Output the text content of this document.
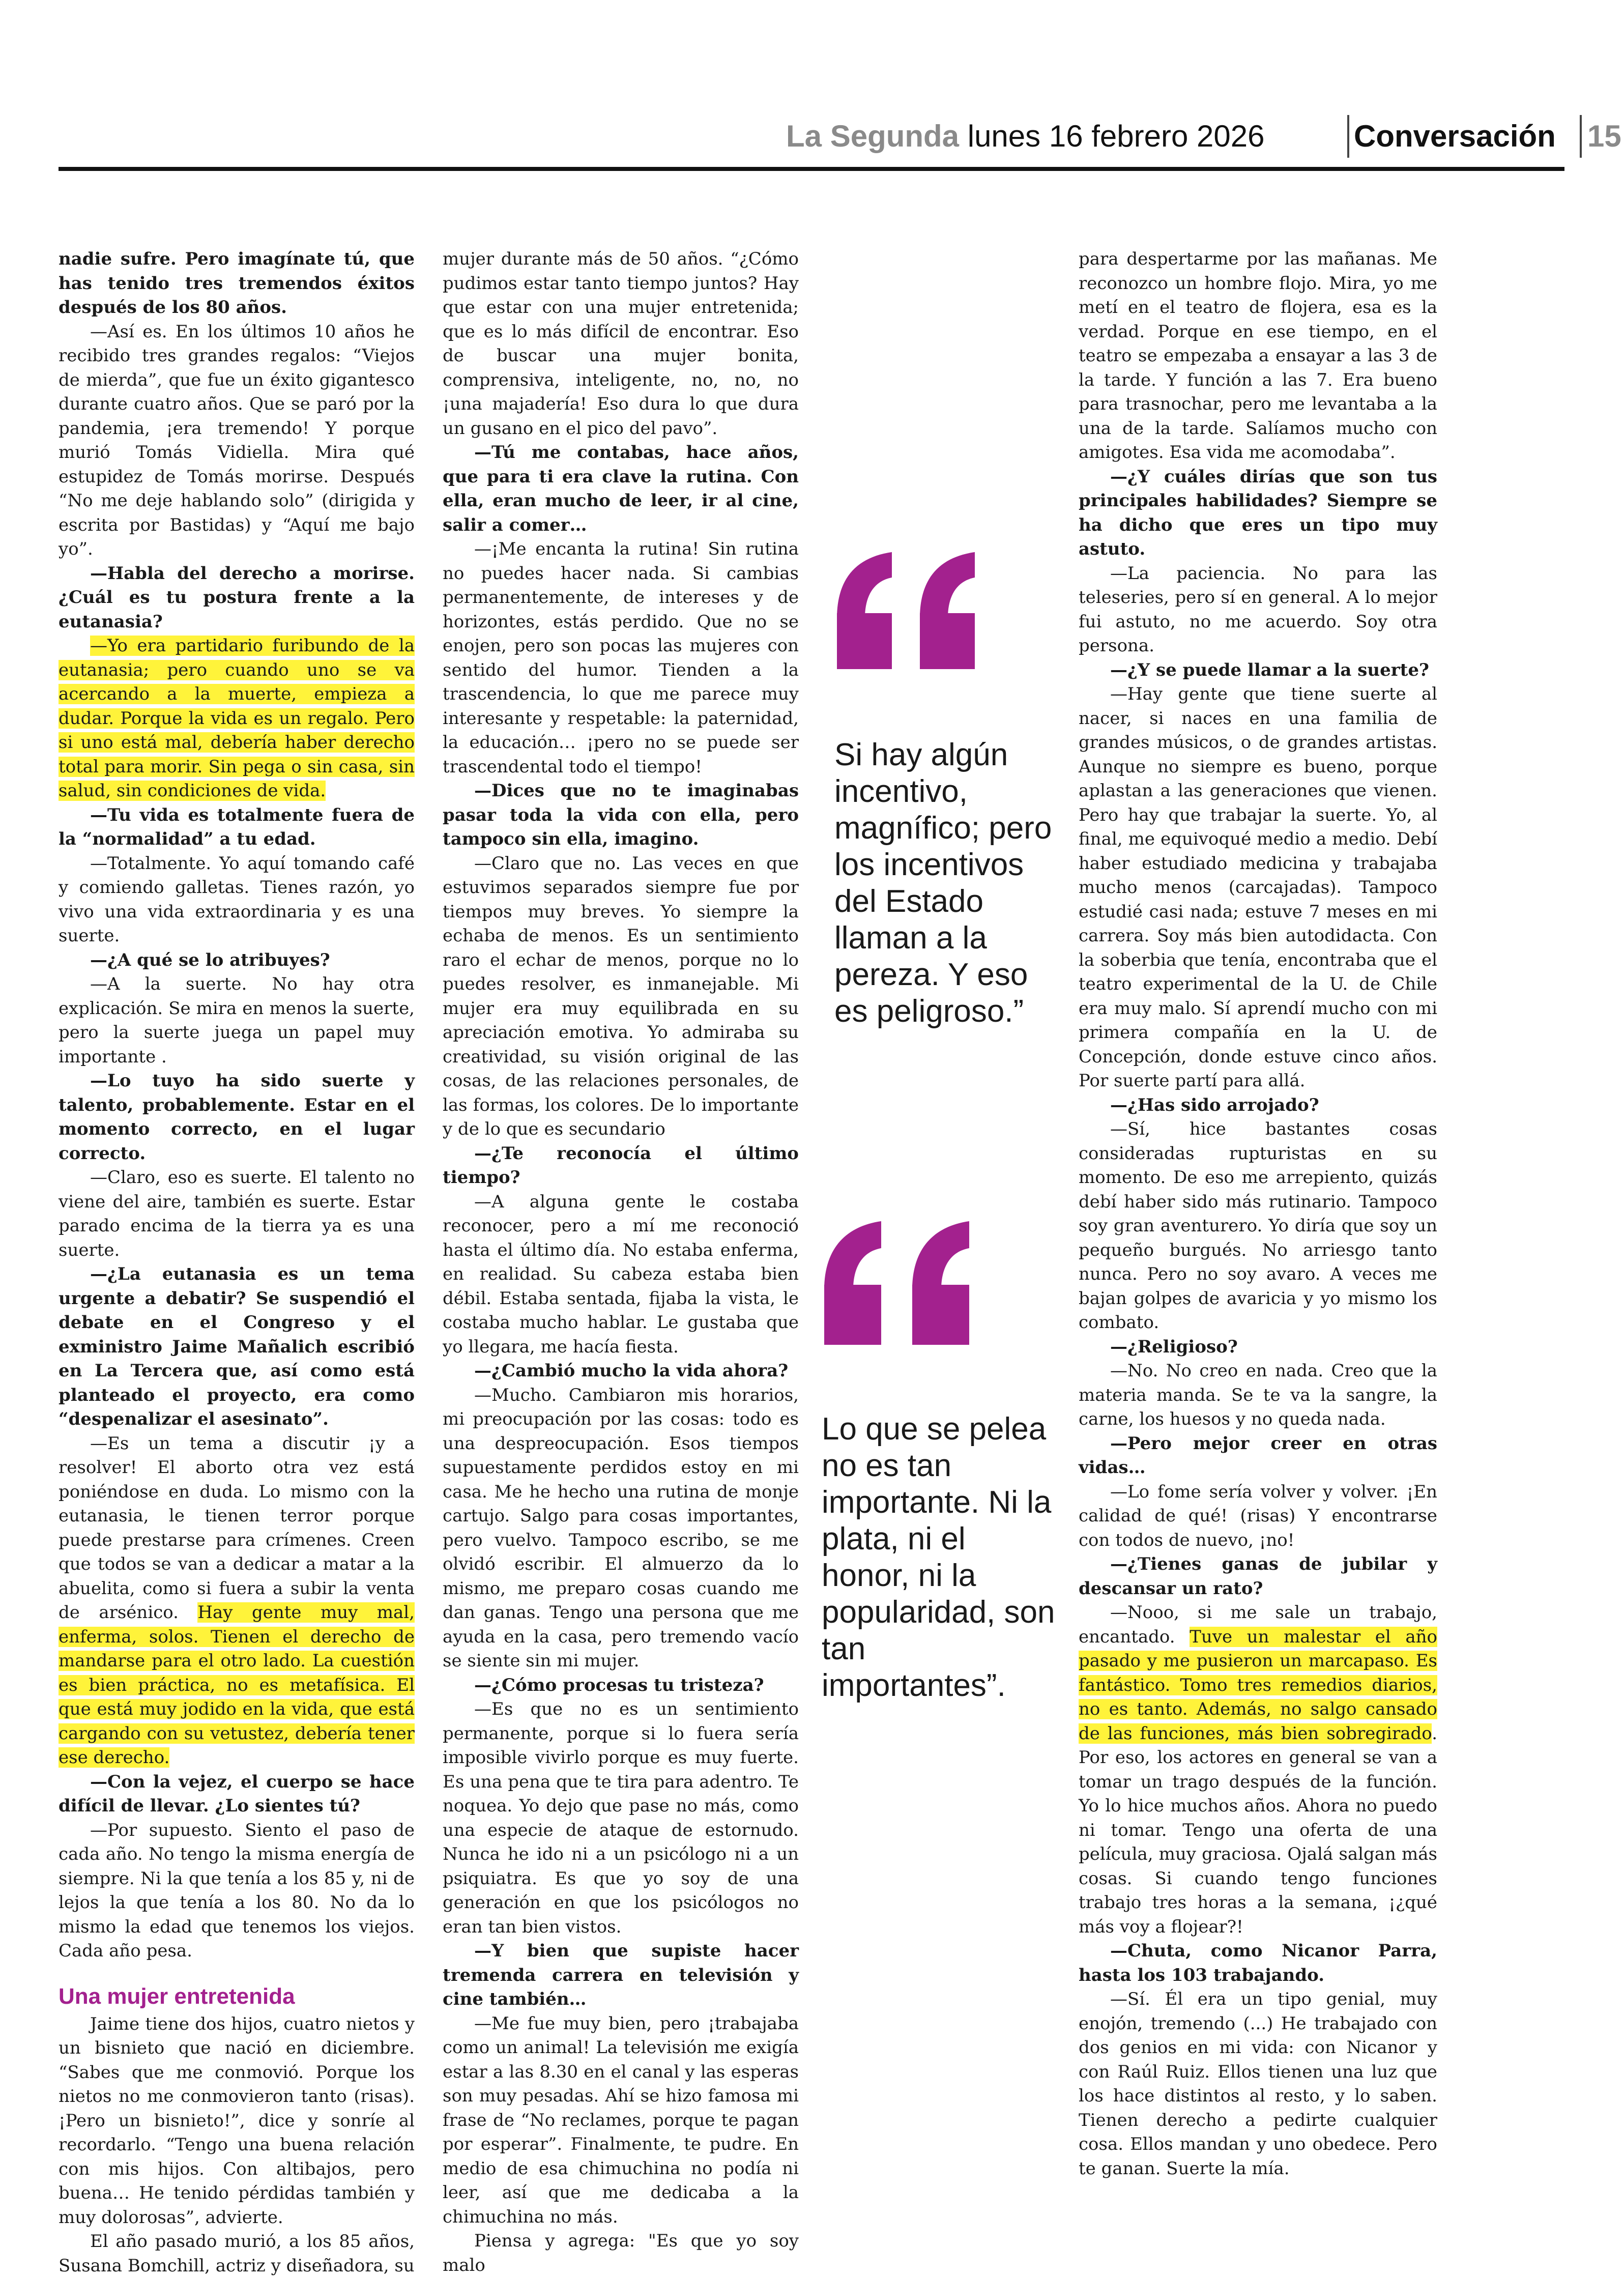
La Segunda lunes 16 febrero 2026	Conversación 15

nadie sufre. Pero imagínate tú, que has tenido tres tremendos éxitos después de los 80 años.

—Así es. En los últimos 10 años he recibido tres grandes regalos: “Viejos de mierda”, que fue un éxito gigantesco durante cuatro años. Que se paró por la pandemia, ¡era tremendo! Y porque murió Tomás Vidiella. Mira qué estupidez de Tomás morirse. Después “No me deje hablando solo” (dirigida y escrita por Bastidas) y “Aquí me bajo yo”.

—Habla del derecho a morirse. ¿Cuál es tu postura frente a la eutanasia?

—Yo era partidario furibundo de la eutanasia; pero cuando uno se va acercando a la muerte, empieza a dudar. Porque la vida es un regalo. Pero si uno está mal, debería haber derecho total para morir. Sin pega o sin casa, sin salud, sin condiciones de vida.

—Tu vida es totalmente fuera de la “normalidad” a tu edad.

—Totalmente. Yo aquí tomando café y comiendo galletas. Tienes razón, yo vivo una vida extraordinaria y es una suerte.

—¿A qué se lo atribuyes?

—A la suerte. No hay otra explicación. Se mira en menos la suerte, pero la suerte juega un papel muy importante .

—Lo tuyo ha sido suerte y talento, probablemente. Estar en el momento correcto, en el lugar correcto.

—Claro, eso es suerte. El talento no viene del aire, también es suerte. Estar parado encima de la tierra ya es una suerte.

—¿La eutanasia es un tema urgente a debatir? Se suspendió el debate en el Congreso y el exministro Jaime Mañalich escribió en La Tercera que, así como está planteado el proyecto, era como “despenalizar el asesinato”.

—Es un tema a discutir ¡y a resolver! El aborto otra vez está poniéndose en duda. Lo mismo con la eutanasia, le tienen terror porque puede prestarse para crímenes. Creen que todos se van a dedicar a matar a la abuelita, como si fuera a subir la venta de arsénico. Hay gente muy mal, enferma, solos. Tienen el derecho de mandarse para el otro lado. La cuestión es bien práctica, no es metafísica. El que está muy jodido en la vida, que está cargando con su vetustez, debería tener ese derecho.

—Con la vejez, el cuerpo se hace difícil de llevar. ¿Lo sientes tú?

—Por supuesto. Siento el paso de cada año. No tengo la misma energía de siempre. Ni la que tenía a los 85 y, ni de lejos la que tenía a los 80. No da lo mismo la edad que tenemos los viejos. Cada año pesa.

Una mujer entretenida

Jaime tiene dos hijos, cuatro nietos y un bisnieto que nació en diciembre. “Sabes que me conmovió. Porque los nietos no me conmovieron tanto (risas). ¡Pero un bisnieto!”, dice y sonríe al recordarlo. “Tengo una buena relación con mis hijos. Con altibajos, pero buena… He tenido pérdidas también y muy dolorosas”, advierte.

El año pasado murió, a los 85 años, Susana Bomchill, actriz y diseñadora, su

mujer durante más de 50 años. “¿Cómo pudimos estar tanto tiempo juntos? Hay que estar con una mujer entretenida; que es lo más difícil de encontrar. Eso de buscar una mujer bonita, comprensiva, inteligente, no, no, no ¡una majadería! Eso dura lo que dura un gusano en el pico del pavo”.

—Tú me contabas, hace años, que para ti era clave la rutina. Con ella, eran mucho de leer, ir al cine, salir a comer…

—¡Me encanta la rutina! Sin rutina no puedes hacer nada. Si cambias permanentemente, de intereses y de horizontes, estás perdido. Que no se enojen, pero son pocas las mujeres con sentido del humor. Tienden a la trascendencia, lo que me parece muy interesante y respetable: la paternidad, la educación… ¡pero no se puede ser trascendental todo el tiempo!

—Dices que no te imaginabas pasar toda la vida con ella, pero tampoco sin ella, imagino.

—Claro que no. Las veces en que estuvimos separados siempre fue por tiempos muy breves. Yo siempre la echaba de menos. Es un sentimiento raro el echar de menos, porque no lo puedes resolver, es inmanejable. Mi mujer era muy equilibrada en su apreciación emotiva. Yo admiraba su creatividad, su visión original de las cosas, de las relaciones personales, de las formas, los colores. De lo importante y de lo que es secundario

—¿Te reconocía el último tiempo?

—A alguna gente le costaba reconocer, pero a mí me reconoció hasta el último día. No estaba enferma, en realidad. Su cabeza estaba bien débil. Estaba sentada, fijaba la vista, le costaba mucho hablar. Le gustaba que yo llegara, me hacía fiesta.

—¿Cambió mucho la vida ahora?

—Mucho. Cambiaron mis horarios, mi preocupación por las cosas: todo es una despreocupación. Esos tiempos supuestamente perdidos estoy en mi casa. Me he hecho una rutina de monje cartujo. Salgo para cosas importantes, pero vuelvo. Tampoco escribo, se me olvidó escribir. El almuerzo da lo mismo, me preparo cosas cuando me dan ganas. Tengo una persona que me ayuda en la casa, pero tremendo vacío se siente sin mi mujer.

—¿Cómo procesas tu tristeza?

—Es que no es un sentimiento permanente, porque si lo fuera sería imposible vivirlo porque es muy fuerte. Es una pena que te tira para adentro. Te noquea. Yo dejo que pase no más, como una especie de ataque de estornudo. Nunca he ido ni a un psicólogo ni a un psiquiatra. Es que yo soy de una generación en que los psicólogos no eran tan bien vistos.

—Y bien que supiste hacer tremenda carrera en televisión y cine también…

—Me fue muy bien, pero ¡trabajaba como un animal! La televisión me exigía estar a las 8.30 en el canal y las esperas son muy pesadas. Ahí se hizo famosa mi frase de “No reclames, porque te pagan por esperar”. Finalmente, te pudre. En medio de esa chimuchina no podía ni leer, así que me dedicaba a la chimuchina no más.

Piensa y agrega: "Es que yo soy malo

Si hay algún incentivo, magnífico; pero los incentivos del Estado llaman a la pereza. Y eso es peligroso.”

Lo que se pelea no es tan importante. Ni la plata, ni el honor, ni la popularidad, son tan importantes”.

para despertarme por las mañanas. Me reconozco un hombre flojo. Mira, yo me metí en el teatro de flojera, esa es la verdad. Porque en ese tiempo, en el teatro se empezaba a ensayar a las 3 de la tarde. Y función a las 7. Era bueno para trasnochar, pero me levantaba a la una de la tarde. Salíamos mucho con amigotes. Esa vida me acomodaba”.

—¿Y cuáles dirías que son tus principales habilidades? Siempre se ha dicho que eres un tipo muy astuto.

—La paciencia. No para las teleseries, pero sí en general. A lo mejor fui astuto, no me acuerdo. Soy otra persona.

—¿Y se puede llamar a la suerte?

—Hay gente que tiene suerte al nacer, si naces en una familia de grandes músicos, o de grandes artistas. Aunque no siempre es bueno, porque aplastan a las generaciones que vienen. Pero hay que trabajar la suerte. Yo, al final, me equivoqué medio a medio. Debí haber estudiado medicina y trabajaba mucho menos (carcajadas). Tampoco estudié casi nada; estuve 7 meses en mi carrera. Soy más bien autodidacta. Con la soberbia que tenía, encontraba que el teatro experimental de la U. de Chile era muy malo. Sí aprendí mucho con mi primera compañía en la U. de Concepción, donde estuve cinco años. Por suerte partí para allá.

—¿Has sido arrojado?

—Sí, hice bastantes cosas consideradas rupturistas en su momento. De eso me arrepiento, quizás debí haber sido más rutinario. Tampoco soy gran aventurero. Yo diría que soy un pequeño burgués. No arriesgo tanto nunca. Pero no soy avaro. A veces me bajan golpes de avaricia y yo mismo los combato.

—¿Religioso?

—No. No creo en nada. Creo que la materia manda. Se te va la sangre, la carne, los huesos y no queda nada.

—Pero mejor creer en otras vidas…

—Lo fome sería volver y volver. ¡En calidad de qué! (risas) Y encontrarse con todos de nuevo, ¡no!

—¿Tienes ganas de jubilar y descansar un rato?

—Nooo, si me sale un trabajo, encantado. Tuve un malestar el año pasado y me pusieron un marcapaso. Es fantástico. Tomo tres remedios diarios, no es tanto. Además, no salgo cansado de las funciones, más bien sobregirado. Por eso, los actores en general se van a tomar un trago después de la función. Yo lo hice muchos años. Ahora no puedo ni tomar. Tengo una oferta de una película, muy graciosa. Ojalá salgan más cosas. Si cuando tengo funciones trabajo tres horas a la semana, ¡¿qué más voy a flojear?!

—Chuta, como Nicanor Parra, hasta los 103 trabajando.

—Sí. Él era un tipo genial, muy enojón, tremendo (...) He trabajado con dos genios en mi vida: con Nicanor y con Raúl Ruiz. Ellos tienen una luz que los hace distintos al resto, y lo saben. Tienen derecho a pedirte cualquier cosa. Ellos mandan y uno obedece. Pero te ganan. Suerte la mía.
